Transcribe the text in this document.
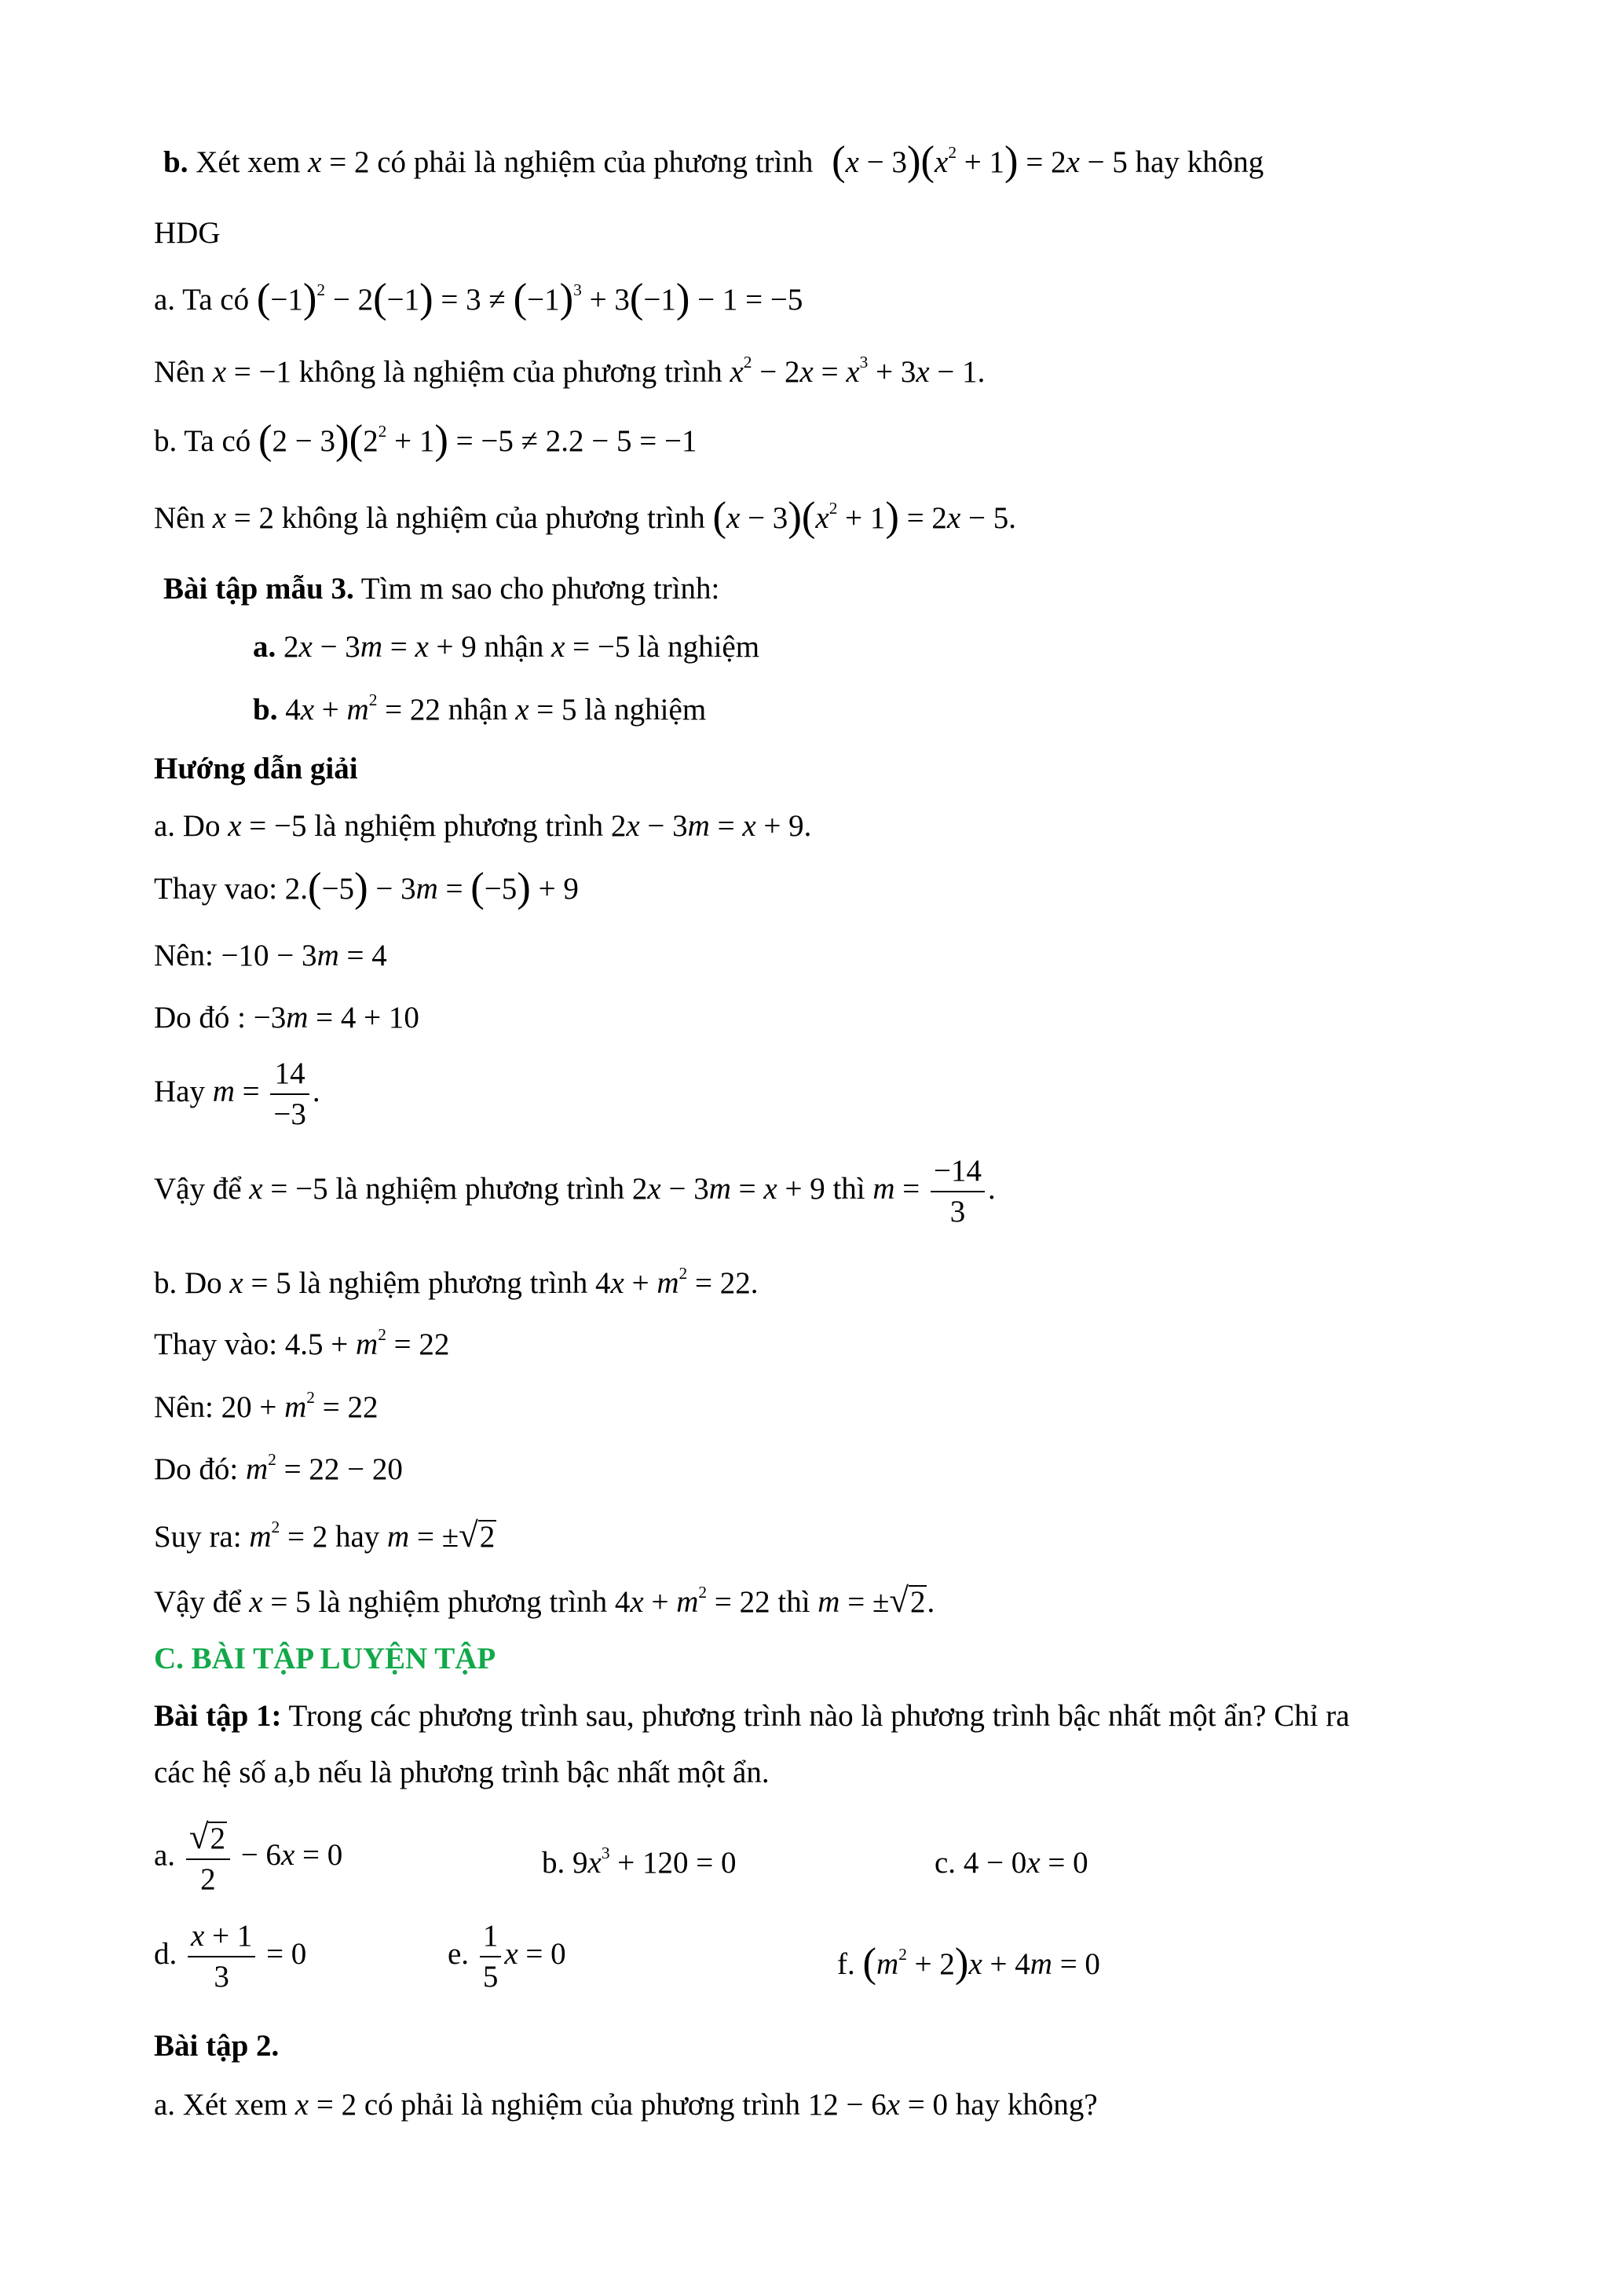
b. Xét xem x = 2 có phải là nghiệm của phương trình $(x - 3)(x^2 + 1) = 2x - 5$ hay không
HDG
a. Ta có $(-1)^2 - 2(-1) = 3 \ne (-1)^3 + 3(-1) - 1 = -5$
Nên x = −1 không là nghiệm của phương trình $x^2 - 2x = x^3 + 3x - 1$.
b. Ta có $(2 - 3)(2^2 + 1) = -5 \ne 2.2 - 5 = -1$
Nên x = 2 không là nghiệm của phương trình $(x - 3)(x^2 + 1) = 2x - 5$.
Bài tập mẫu 3. Tìm m sao cho phương trình:
a. 2x − 3m = x + 9 nhận x = −5 là nghiệm
b. $4x + m^2 = 22$ nhận x = 5 là nghiệm
Hướng dẫn giải
a. Do x = −5 là nghiệm phương trình 2x − 3m = x + 9.
Thay vao: 2.(−5) − 3m = (−5) + 9
Nên: −10 − 3m = 4
Do đó : −3m = 4 + 10
Hay $m = \frac{14}{-3}$ .
Vậy để x = −5 là nghiệm phương trình 2x − 3m = x + 9 thì $m = \frac{-14}{3}$ .
b. Do x = 5 là nghiệm phương trình $4x + m^2 = 22$.
Thay vào: $4.5 + m^2 = 22$
Nên: $20 + m^2 = 22$
Do đó: $m^2 = 22 - 20$
Suy ra: $m^2 = 2$ hay m = ±√2
Vậy để x = 5 là nghiệm phương trình $4x + m^2 = 22$ thì m = ±√2.
C. BÀI TẬP LUYỆN TẬP
Bài tập 1: Trong các phương trình sau, phương trình nào là phương trình bậc nhất một ẩn? Chỉ ra
các hệ số a,b nếu là phương trình bậc nhất một ẩn.
a. $\frac{√2}{2} - 6x = 0$	b. $9x^3 + 120 = 0$	c. 4 − 0x = 0
d. $\frac{x + 1}{3} = 0$	e. $\frac{1}{5}$ x = 0	f. $(m^2 + 2)x + 4m = 0$
Bài tập 2.
a. Xét xem x = 2 có phải là nghiệm của phương trình 12 − 6x = 0 hay không?
